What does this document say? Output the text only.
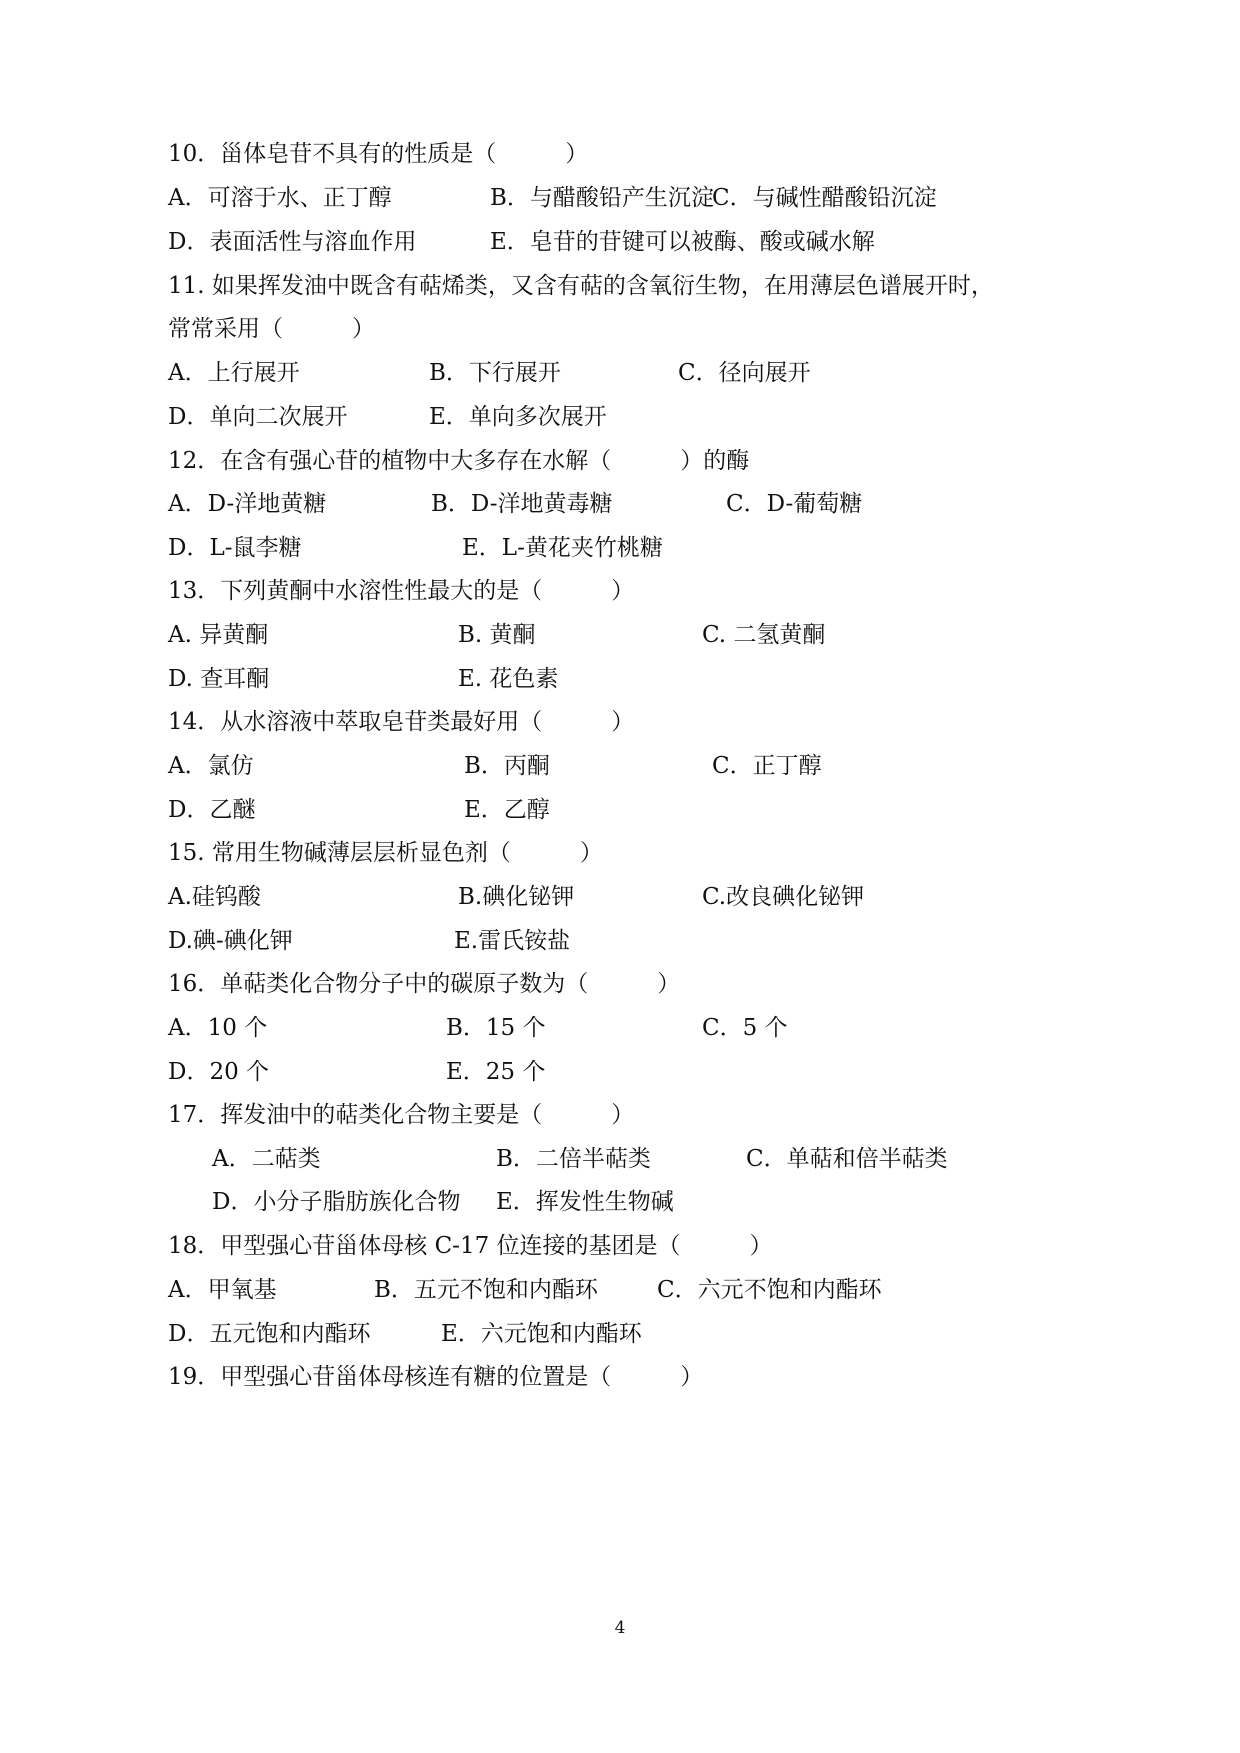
10．甾体皂苷不具有的性质是（　　　）
A．可溶于水、正丁醇	B．与醋酸铅产生沉淀
C．与碱性醋酸铅沉淀
D．表面活性与溶血作用	E．皂苷的苷键可以被酶、酸或碱水解
11. 如果挥发油中既含有萜烯类，又含有萜的含氧衍生物，在用薄层色谱展开时，
常常采用（　　　）
A．上行展开	B．下行展开	C．径向展开
D．单向二次展开	E．单向多次展开
12．在含有强心苷的植物中大多存在水解（　　　）的酶
A．D-洋地黄糖	B．D-洋地黄毒糖	C．D-葡萄糖
D．L-鼠李糖	E．L-黄花夹竹桃糖
13．下列黄酮中水溶性性最大的是（　　　）
A. 异黄酮	B. 黄酮	C. 二氢黄酮
D. 查耳酮	E. 花色素
14．从水溶液中萃取皂苷类最好用（　　　）
A．氯仿	B．丙酮	C．正丁醇
D．乙醚	E．乙醇
15. 常用生物碱薄层层析显色剂（　　　）
A.硅钨酸	B.碘化铋钾	C.改良碘化铋钾
D.碘-碘化钾	E.雷氏铵盐
16．单萜类化合物分子中的碳原子数为（　　　）
A．10 个	B．15 个	C．5 个
D．20 个	E．25 个
17．挥发油中的萜类化合物主要是（　　　）
A．二萜类	B．二倍半萜类	C．单萜和倍半萜类
D．小分子脂肪族化合物 E．挥发性生物碱
18．甲型强心苷甾体母核 C-17 位连接的基团是（　　　）
A．甲氧基	B．五元不饱和内酯环	C．六元不饱和内酯环
D．五元饱和内酯环	E．六元饱和内酯环
19．甲型强心苷甾体母核连有糖的位置是（　　　）
4
